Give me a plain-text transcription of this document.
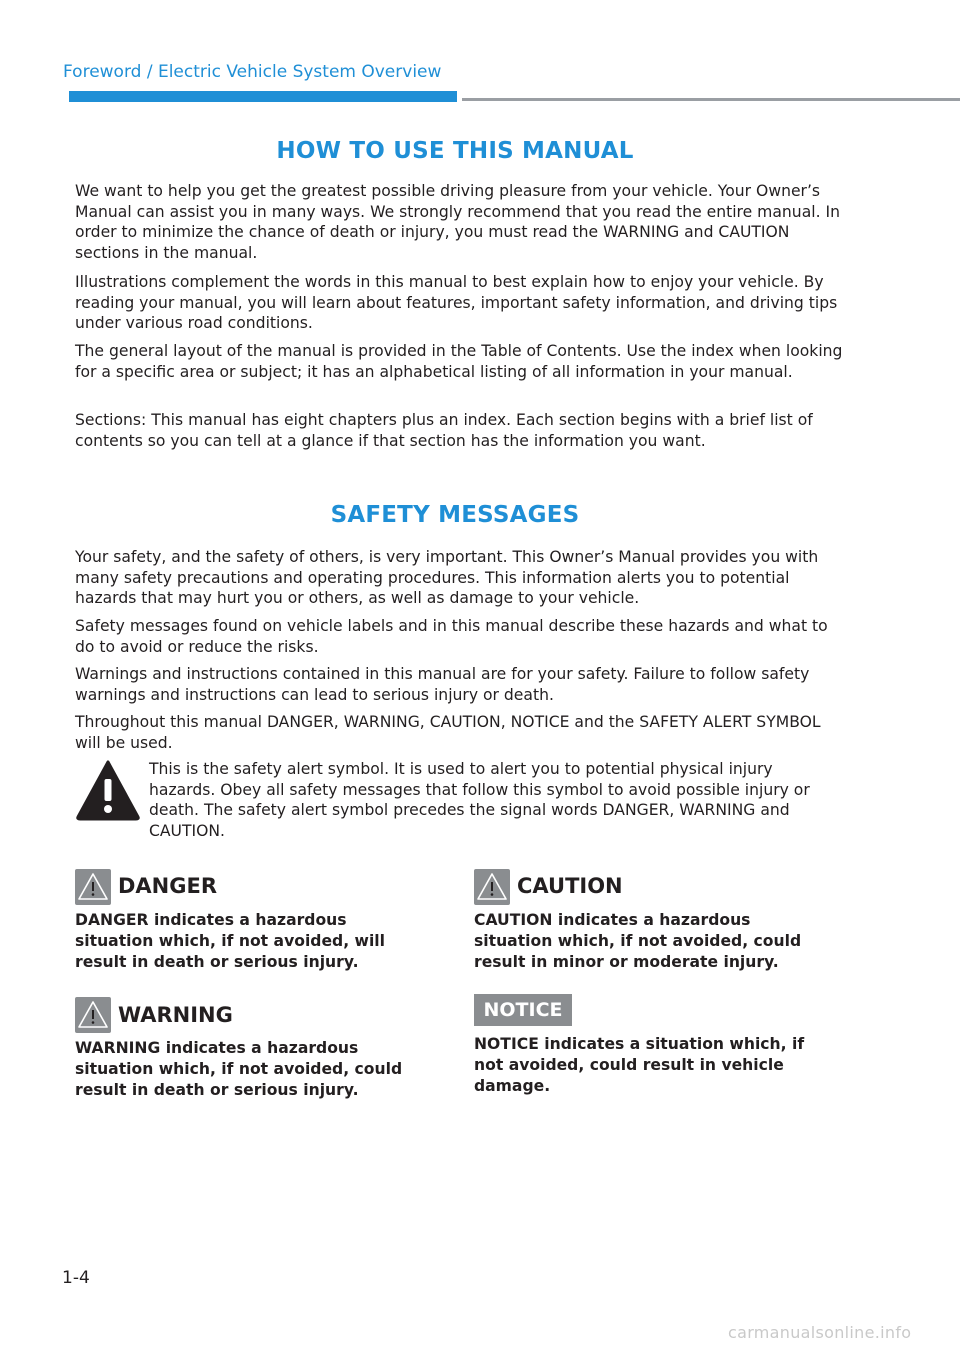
Foreword / Electric Vehicle System Overview
HOW TO USE THIS MANUAL

We want to help you get the greatest possible driving pleasure from your vehicle. Your Owner’s Manual can assist you in many ways. We strongly recommend that you read the entire manual. In order to minimize the chance of death or injury, you must read the WARNING and CAUTION sections in the manual.

Illustrations complement the words in this manual to best explain how to enjoy your vehicle. By reading your manual, you will learn about features, important safety information, and driving tips under various road conditions.

The general layout of the manual is provided in the Table of Contents. Use the index when looking for a specific area or subject; it has an alphabetical listing of all information in your manual.

Sections: This manual has eight chapters plus an index. Each section begins with a brief list of contents so you can tell at a glance if that section has the information you want.

SAFETY MESSAGES

Your safety, and the safety of others, is very important. This Owner’s Manual provides you with many safety precautions and operating procedures. This information alerts you to potential hazards that may hurt you or others, as well as damage to your vehicle.

Safety messages found on vehicle labels and in this manual describe these hazards and what to do to avoid or reduce the risks.

Warnings and instructions contained in this manual are for your safety. Failure to follow safety warnings and instructions can lead to serious injury or death.

Throughout this manual DANGER, WARNING, CAUTION, NOTICE and the SAFETY ALERT SYMBOL will be used.

This is the safety alert symbol. It is used to alert you to potential physical injury hazards. Obey all safety messages that follow this symbol to avoid possible injury or death. The safety alert symbol precedes the signal words DANGER, WARNING and CAUTION.

DANGER

DANGER indicates a hazardous situation which, if not avoided, will result in death or serious injury.

WARNING

WARNING indicates a hazardous situation which, if not avoided, could result in death or serious injury.

CAUTION

CAUTION indicates a hazardous situation which, if not avoided, could result in minor or moderate injury.

NOTICE

NOTICE indicates a situation which, if not avoided, could result in vehicle damage.

1-4
carmanualsonline.info
